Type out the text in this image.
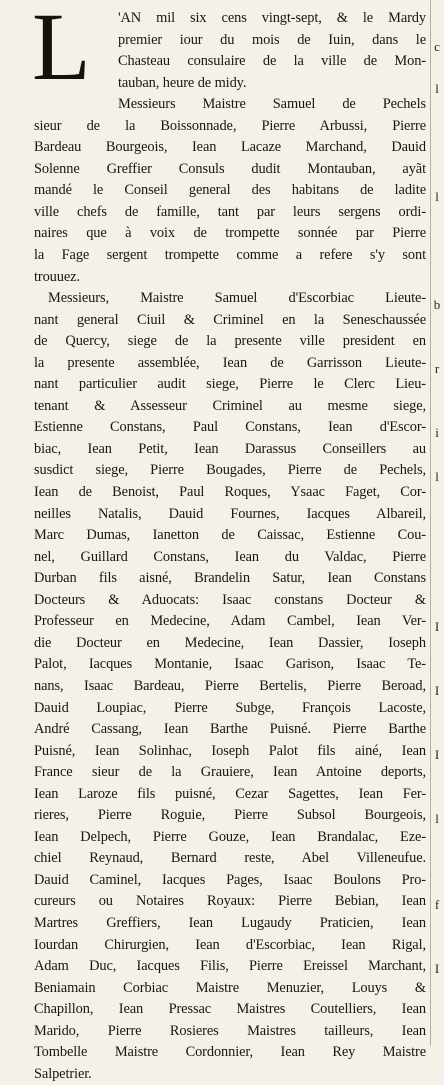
L	'AN mil six cens vingt-sept, & le Mardy
premier iour du mois de Iuin, dans le
Chasteau consulaire de la ville de Mon-
tauban, heure de midy.
Messieurs Maistre Samuel de Pechels
sieur de la Boissonnade, Pierre Arbussi, Pierre
Bardeau Bourgeois, Iean Lacaze Marchand, Dauid
Solenne Greffier Consuls dudit Montauban, ayãt
mandé le Conseil general des habitans de ladite
ville chefs de famille, tant par leurs sergens ordi-
naires que à voix de trompette sonnée par Pierre
la Fage sergent trompette comme a refere s'y sont
trouuez.
Messieurs, Maistre Samuel d'Escorbiac Lieute-
nant general Ciuil & Criminel en la Seneschaussée
de Quercy, siege de la presente ville president en
la presente assemblée, Iean de Garrisson Lieute-
nant particulier audit siege, Pierre le Clerc Lieu-
tenant & Assesseur Criminel au mesme siege,
Estienne Constans, Paul Constans, Iean d'Escor-
biac, Iean Petit, Iean Darassus Conseillers au
susdict siege, Pierre Bougades, Pierre de Pechels,
Iean de Benoist, Paul Roques, Ysaac Faget, Cor-
neilles Natalis, Dauid Fournes, Iacques Albareil,
Marc Dumas, Ianetton de Caissac, Estienne Cou-
nel, Guillard Constans, Iean du Valdac, Pierre
Durban fils aisné, Brandelin Satur, Iean Constans
Docteurs & Aduocats: Isaac constans Docteur &
Professeur en Medecine, Adam Cambel, Iean Ver-
die Docteur en Medecine, Iean Dassier, Ioseph
Palot, Iacques Montanie, Isaac Garison, Isaac Te-
nans, Isaac Bardeau, Pierre Bertelis, Pierre Beroad,
Dauid Loupiac, Pierre Subge, François Lacoste,
André Cassang, Iean Barthe Puisné. Pierre Barthe
Puisné, Iean Solinhac, Ioseph Palot fils ainé, Iean
France sieur de la Grauiere, Iean Antoine deports,
Iean Laroze fils puisné, Cezar Sagettes, Iean Fer-
rieres, Pierre Roguie, Pierre Subsol Bourgeois,
Iean Delpech, Pierre Gouze, Iean Brandalac, Eze-
chiel Reynaud, Bernard reste, Abel Villeneufue.
Dauid Caminel, Iacques Pages, Isaac Boulons Pro-
cureurs ou Notaires Royaux: Pierre Bebian, Iean
Martres Greffiers, Iean Lugaudy Praticien, Iean
Iourdan Chirurgien, Iean d'Escorbiac, Iean Rigal,
Adam Duc, Iacques Filis, Pierre Ereissel Marchant,
Beniamain Corbiac Maistre Menuzier, Louys &
Chapillon, Iean Pressac Maistres Coutelliers, Iean
Marido, Pierre Rosieres Maistres tailleurs, Iean
Tombelle Maistre Cordonnier, Iean Rey Maistre
Salpetrier.
c
l
l
b
r
i
l
I
I
I
l
f
I
